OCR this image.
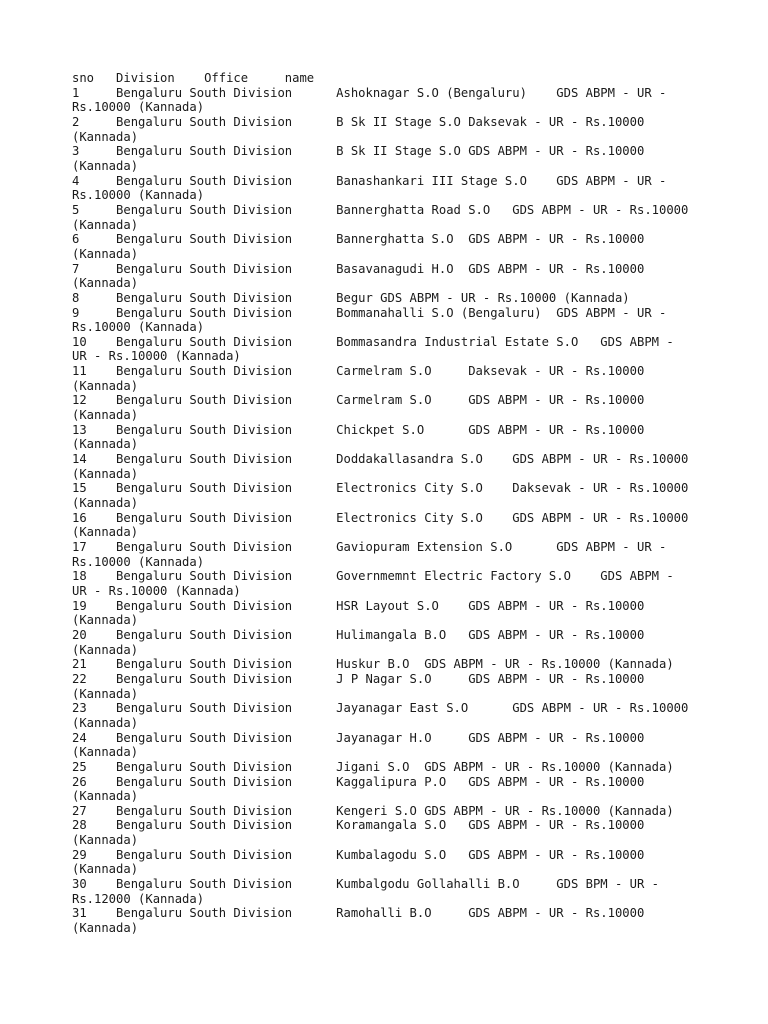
sno   Division    Office     name
1     Bengaluru South Division      Ashoknagar S.O (Bengaluru)    GDS ABPM - UR -
Rs.10000 (Kannada)
2     Bengaluru South Division      B Sk II Stage S.O Daksevak - UR - Rs.10000
(Kannada)
3     Bengaluru South Division      B Sk II Stage S.O GDS ABPM - UR - Rs.10000
(Kannada)
4     Bengaluru South Division      Banashankari III Stage S.O    GDS ABPM - UR -
Rs.10000 (Kannada)
5     Bengaluru South Division      Bannerghatta Road S.O   GDS ABPM - UR - Rs.10000
(Kannada)
6     Bengaluru South Division      Bannerghatta S.O  GDS ABPM - UR - Rs.10000
(Kannada)
7     Bengaluru South Division      Basavanagudi H.O  GDS ABPM - UR - Rs.10000
(Kannada)
8     Bengaluru South Division      Begur GDS ABPM - UR - Rs.10000 (Kannada)
9     Bengaluru South Division      Bommanahalli S.O (Bengaluru)  GDS ABPM - UR -
Rs.10000 (Kannada)
10    Bengaluru South Division      Bommasandra Industrial Estate S.O   GDS ABPM -
UR - Rs.10000 (Kannada)
11    Bengaluru South Division      Carmelram S.O     Daksevak - UR - Rs.10000
(Kannada)
12    Bengaluru South Division      Carmelram S.O     GDS ABPM - UR - Rs.10000
(Kannada)
13    Bengaluru South Division      Chickpet S.O      GDS ABPM - UR - Rs.10000
(Kannada)
14    Bengaluru South Division      Doddakallasandra S.O    GDS ABPM - UR - Rs.10000
(Kannada)
15    Bengaluru South Division      Electronics City S.O    Daksevak - UR - Rs.10000
(Kannada)
16    Bengaluru South Division      Electronics City S.O    GDS ABPM - UR - Rs.10000
(Kannada)
17    Bengaluru South Division      Gaviopuram Extension S.O      GDS ABPM - UR -
Rs.10000 (Kannada)
18    Bengaluru South Division      Governmemnt Electric Factory S.O    GDS ABPM -
UR - Rs.10000 (Kannada)
19    Bengaluru South Division      HSR Layout S.O    GDS ABPM - UR - Rs.10000
(Kannada)
20    Bengaluru South Division      Hulimangala B.O   GDS ABPM - UR - Rs.10000
(Kannada)
21    Bengaluru South Division      Huskur B.O  GDS ABPM - UR - Rs.10000 (Kannada)
22    Bengaluru South Division      J P Nagar S.O     GDS ABPM - UR - Rs.10000
(Kannada)
23    Bengaluru South Division      Jayanagar East S.O      GDS ABPM - UR - Rs.10000
(Kannada)
24    Bengaluru South Division      Jayanagar H.O     GDS ABPM - UR - Rs.10000
(Kannada)
25    Bengaluru South Division      Jigani S.O  GDS ABPM - UR - Rs.10000 (Kannada)
26    Bengaluru South Division      Kaggalipura P.O   GDS ABPM - UR - Rs.10000
(Kannada)
27    Bengaluru South Division      Kengeri S.O GDS ABPM - UR - Rs.10000 (Kannada)
28    Bengaluru South Division      Koramangala S.O   GDS ABPM - UR - Rs.10000
(Kannada)
29    Bengaluru South Division      Kumbalagodu S.O   GDS ABPM - UR - Rs.10000
(Kannada)
30    Bengaluru South Division      Kumbalgodu Gollahalli B.O     GDS BPM - UR -
Rs.12000 (Kannada)
31    Bengaluru South Division      Ramohalli B.O     GDS ABPM - UR - Rs.10000
(Kannada)
